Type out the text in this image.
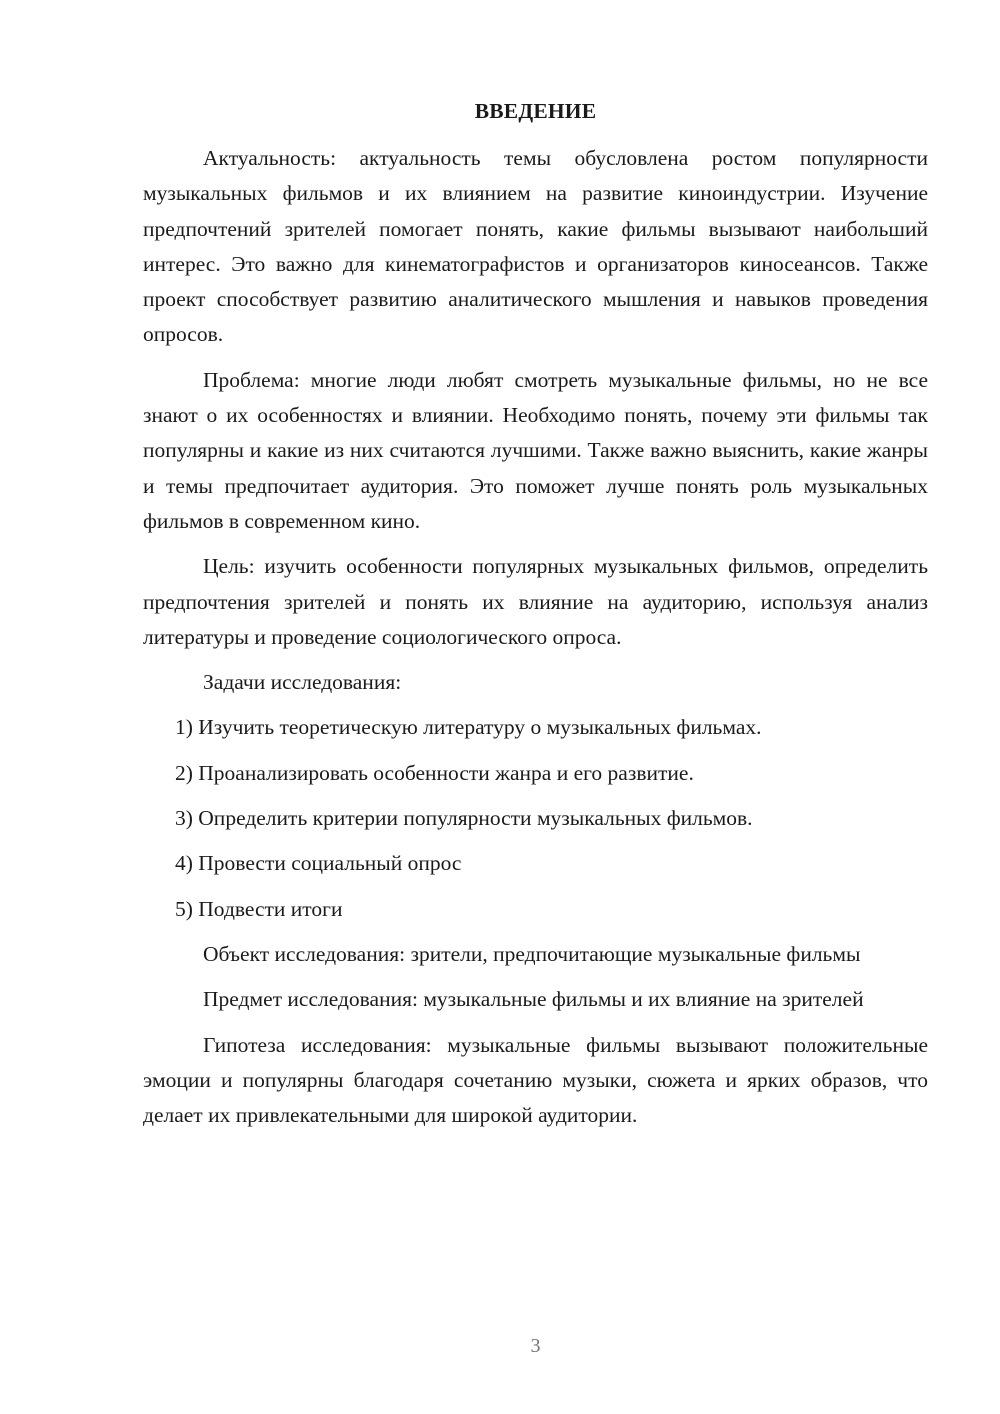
ВВЕДЕНИЕ

Актуальность: актуальность темы обусловлена ростом популярности музыкальных фильмов и их влиянием на развитие киноиндустрии. Изучение предпочтений зрителей помогает понять, какие фильмы вызывают наибольший интерес. Это важно для кинематографистов и организаторов киносеансов. Также проект способствует развитию аналитического мышления и навыков проведения опросов.

Проблема: многие люди любят смотреть музыкальные фильмы, но не все знают о их особенностях и влиянии. Необходимо понять, почему эти фильмы так популярны и какие из них считаются лучшими. Также важно выяснить, какие жанры и темы предпочитает аудитория. Это поможет лучше понять роль музыкальных фильмов в современном кино.

Цель: изучить особенности популярных музыкальных фильмов, определить предпочтения зрителей и понять их влияние на аудиторию, используя анализ литературы и проведение социологического опроса.

Задачи исследования:

1) Изучить теоретическую литературу о музыкальных фильмах.

2) Проанализировать особенности жанра и его развитие.

3) Определить критерии популярности музыкальных фильмов.

4) Провести социальный опрос

5) Подвести итоги

Объект исследования: зрители, предпочитающие музыкальные фильмы

Предмет исследования: музыкальные фильмы и их влияние на зрителей

Гипотеза исследования: музыкальные фильмы вызывают положительные эмоции и популярны благодаря сочетанию музыки, сюжета и ярких образов, что делает их привлекательными для широкой аудитории.

3
